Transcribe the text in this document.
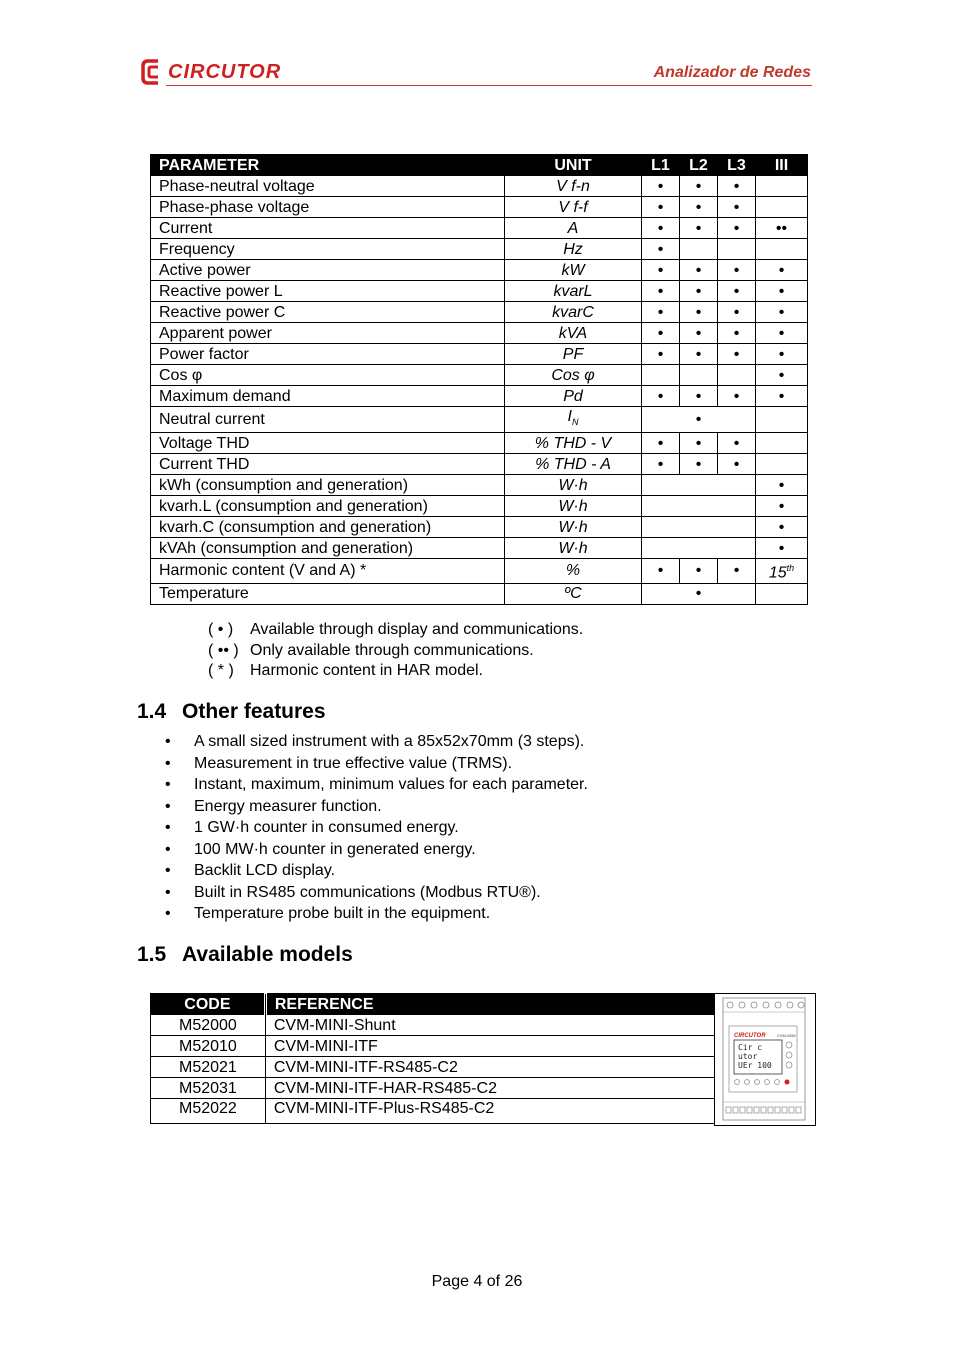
CIRCUTOR	Analizador de Redes
PARAMETER	UNIT	L1	L2	L3	III
Phase-neutral voltage	V f-n	•	•	•	
Phase-phase voltage	V f-f	•	•	•	
Current	A	•	•	•	••
Frequency	Hz	•			
Active power	kW	•	•	•	•
Reactive power L	kvarL	•	•	•	•
Reactive power C	kvarC	•	•	•	•
Apparent power	kVA	•	•	•	•
Power factor	PF	•	•	•	•
Cos φ	Cos φ				•
Maximum demand	Pd	•	•	•	•
Neutral current	$I_N$	•			
Voltage THD	% THD - V	•	•	•	
Current THD	% THD - A	•	•	•	
kWh (consumption and generation)	W·h				•
kvarh.L (consumption and generation)	W·h				•
kvarh.C (consumption and generation)	W·h				•
kVAh (consumption and generation)	W·h				•
Harmonic content (V and A) *	%	•	•	•	15th
Temperature	ºC	•			
( • )	Available through display and communications.
( •• ) Only available through communications.
( * )	Harmonic content in HAR model.
1.4 Other features
•	A small sized instrument with a 85x52x70mm (3 steps).
•	Measurement in true effective value (TRMS).
•	Instant, maximum, minimum values for each parameter.
•	Energy measurer function.
•	1 GW·h counter in consumed energy.
•	100 MW·h counter in generated energy.
•	Backlit LCD display.
•	Built in RS485 communications (Modbus RTU®).
•	Temperature probe built in the equipment.
1.5 Available models
CODE	REFERENCE
M52000	CVM-MINI-Shunt
M52010	CVM-MINI-ITF
M52021	CVM-MINI-ITF-RS485-C2
M52031	CVM-MINI-ITF-HAR-RS485-C2
M52022	CVM-MINI-ITF-Plus-RS485-C2
CIRCUTOR	CVM-MINI
Cir c
utor
UEr 100
Page 4 of 26
